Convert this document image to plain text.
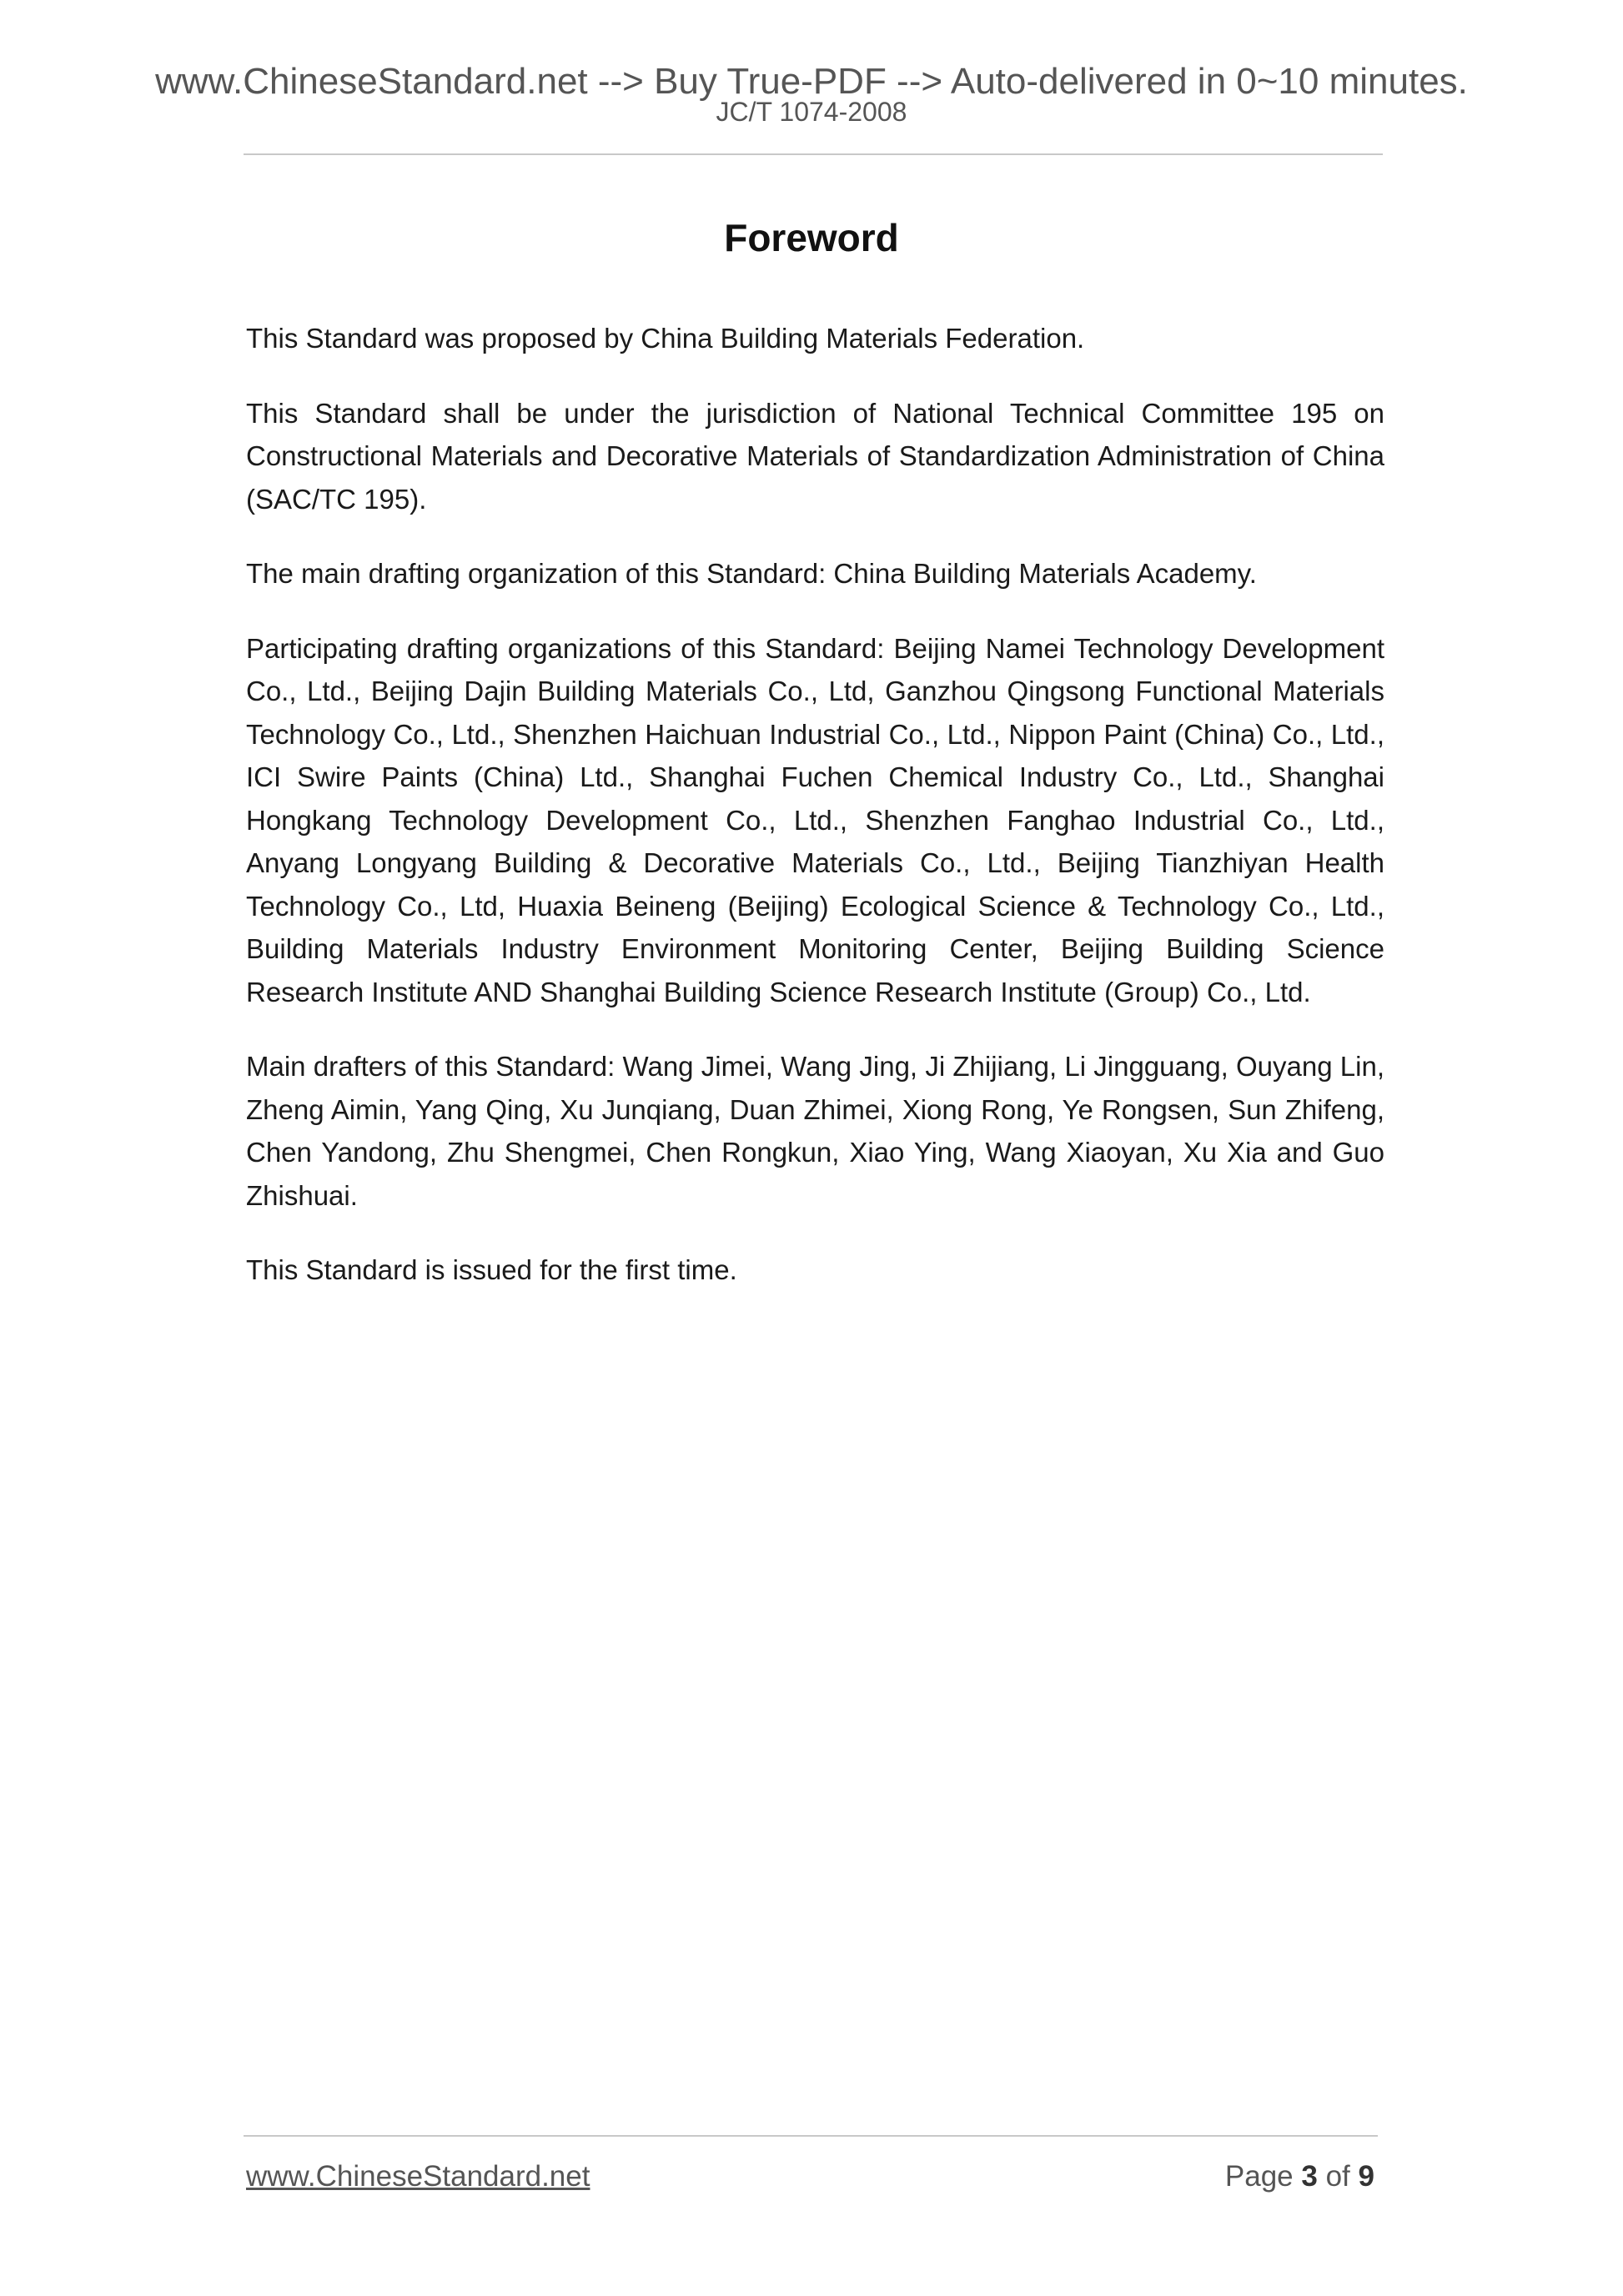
www.ChineseStandard.net --> Buy True-PDF --> Auto-delivered in 0~10 minutes.
JC/T 1074-2008
Foreword

This Standard was proposed by China Building Materials Federation.

This Standard shall be under the jurisdiction of National Technical Committee 195 on Constructional Materials and Decorative Materials of Standardization Administration of China (SAC/TC 195).

The main drafting organization of this Standard: China Building Materials Academy.

Participating drafting organizations of this Standard: Beijing Namei Technology Development Co., Ltd., Beijing Dajin Building Materials Co., Ltd, Ganzhou Qingsong Functional Materials Technology Co., Ltd., Shenzhen Haichuan Industrial Co., Ltd., Nippon Paint (China) Co., Ltd., ICI Swire Paints (China) Ltd., Shanghai Fuchen Chemical Industry Co., Ltd., Shanghai Hongkang Technology Development Co., Ltd., Shenzhen Fanghao Industrial Co., Ltd., Anyang Longyang Building & Decorative Materials Co., Ltd., Beijing Tianzhiyan Health Technology Co., Ltd, Huaxia Beineng (Beijing) Ecological Science & Technology Co., Ltd., Building Materials Industry Environment Monitoring Center, Beijing Building Science Research Institute AND Shanghai Building Science Research Institute (Group) Co., Ltd.

Main drafters of this Standard: Wang Jimei, Wang Jing, Ji Zhijiang, Li Jingguang, Ouyang Lin, Zheng Aimin, Yang Qing, Xu Junqiang, Duan Zhimei, Xiong Rong, Ye Rongsen, Sun Zhifeng, Chen Yandong, Zhu Shengmei, Chen Rongkun, Xiao Ying, Wang Xiaoyan, Xu Xia and Guo Zhishuai.

This Standard is issued for the first time.

www.ChineseStandard.net	Page 3 of 9
